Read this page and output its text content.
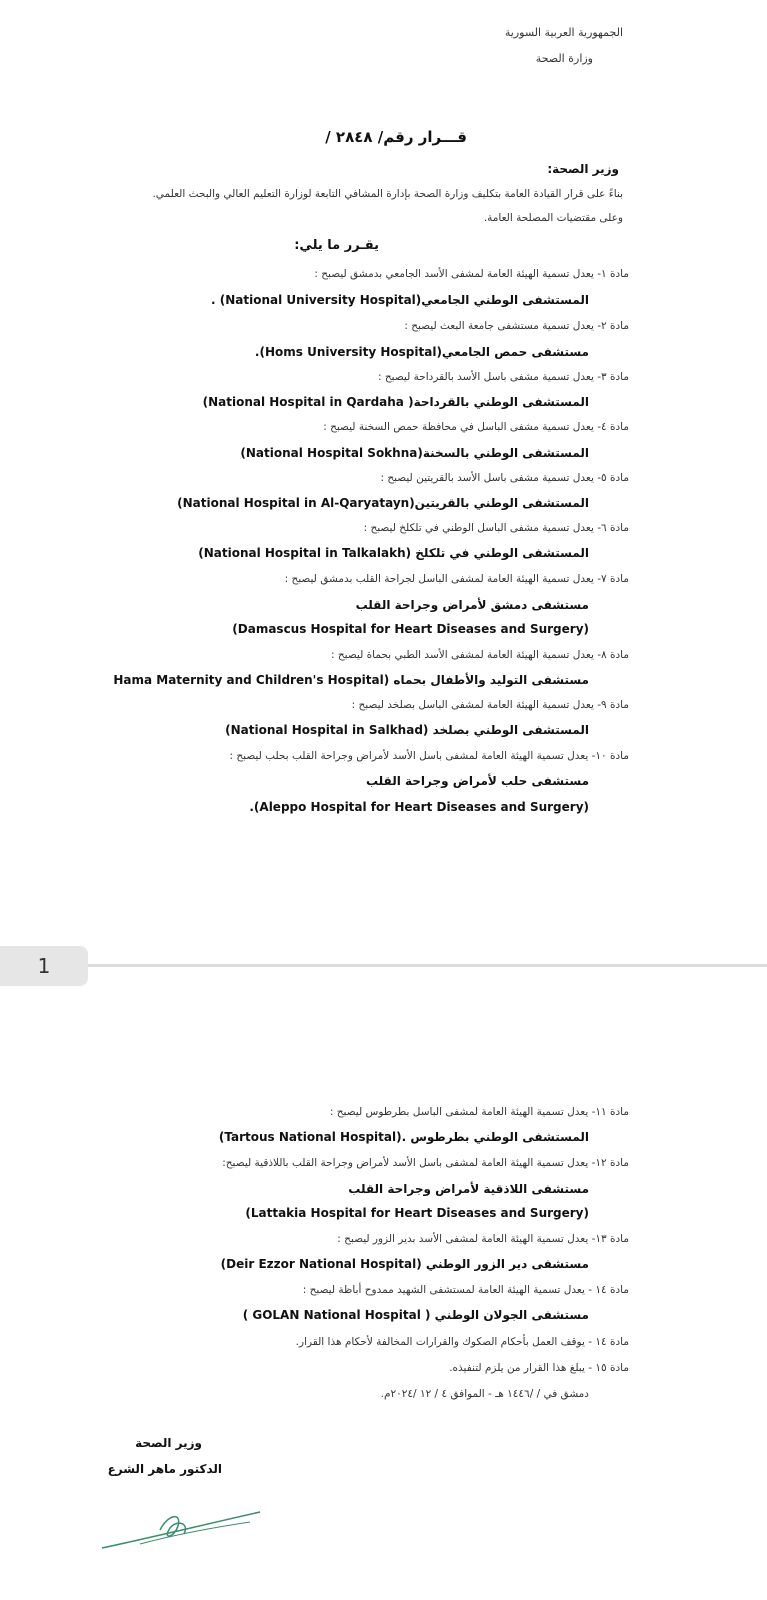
الجمهورية العربية السورية
وزارة الصحة
قـــرار رقم/ ٢٨٤٨ /
وزير الصحة:
بناءً على قرار القيادة العامة بتكليف وزارة الصحة بإدارة المشافي التابعة لوزارة التعليم العالي والبحث العلمي.
وعلى مقتضيات المصلحة العامة.
يقـرر ما يلي:
مادة ١- يعدل تسمية الهيئة العامة لمشفى الأسد الجامعي بدمشق ليصبح :
المستشفى الوطني الجامعي(National University Hospital) .
مادة ٢- يعدل تسمية مستشفى جامعة البعث ليصبح :
مستشفى حمص الجامعي(Homs University Hospital).
مادة ٣- يعدل تسمية مشفى باسل الأسد بالقرداحة ليصبح :
المستشفى الوطني بالقرداحة( National Hospital in Qardaha)
مادة ٤- يعدل تسمية مشفى الباسل في محافظة حمص السخنة ليصبح :
المستشفى الوطني بالسخنة(National Hospital Sokhna)
مادة ٥- يعدل تسمية مشفى باسل الأسد بالقريتين ليصبح :
المستشفى الوطني بالقريتين(National Hospital in Al-Qaryatayn)
مادة ٦- يعدل تسمية مشفى الباسل الوطني في تلكلخ ليصبح :
المستشفى الوطني في تلكلخ (National Hospital in Talkalakh)
مادة ٧- يعدل تسمية الهيئة العامة لمشفى الباسل لجراحة القلب بدمشق ليصبح :
مستشفى دمشق لأمراض وجراحة القلب
(Damascus Hospital for Heart Diseases and Surgery)
مادة ٨- يعدل تسمية الهيئة العامة لمشفى الأسد الطبي بحماة ليصبح :
مستشفى التوليد والأطفال بحماه (Hama Maternity and Children's Hospital
مادة ٩- يعدل تسمية الهيئة العامة لمشفى الباسل بصلخد ليصبح :
المستشفى الوطني بصلخد (National Hospital in Salkhad)
مادة ١٠- يعدل تسمية الهيئة العامة لمشفى باسل الأسد لأمراض وجراحة القلب بحلب ليصبح :
مستشفى حلب لأمراض وجراحة القلب
(Aleppo Hospital for Heart Diseases and Surgery).
1
مادة ١١- يعدل تسمية الهيئة العامة لمشفى الباسل بطرطوس ليصبح :
المستشفى الوطني بطرطوس .(Tartous National Hospital)
مادة ١٢- يعدل تسمية الهيئة العامة لمشفى باسل الأسد لأمراض وجراحة القلب باللاذقية ليصبح:
مستشفى اللاذقية لأمراض وجراحة القلب
(Lattakia Hospital for Heart Diseases and Surgery)
مادة ١٣- يعدل تسمية الهيئة العامة لمشفى الأسد بدير الزور ليصبح :
مستشفى دير الزور الوطني (Deir Ezzor National Hospital)
مادة ١٤ - يعدل تسمية الهيئة العامة لمستشفى الشهيد ممدوح أباظة ليصبح :
مستشفى الجولان الوطني ( GOLAN National Hospital )
مادة ١٤ - يوقف العمل بأحكام الصكوك والقرارات المخالفة لأحكام هذا القرار.
مادة ١٥ - يبلغ هذا القرار من يلزم لتنفيذه.
دمشق في / /١٤٤٦ هـ - الموافق ٤ / ١٢ /٢٠٢٤م.
وزير الصحة
الدكتور ماهر الشرع
